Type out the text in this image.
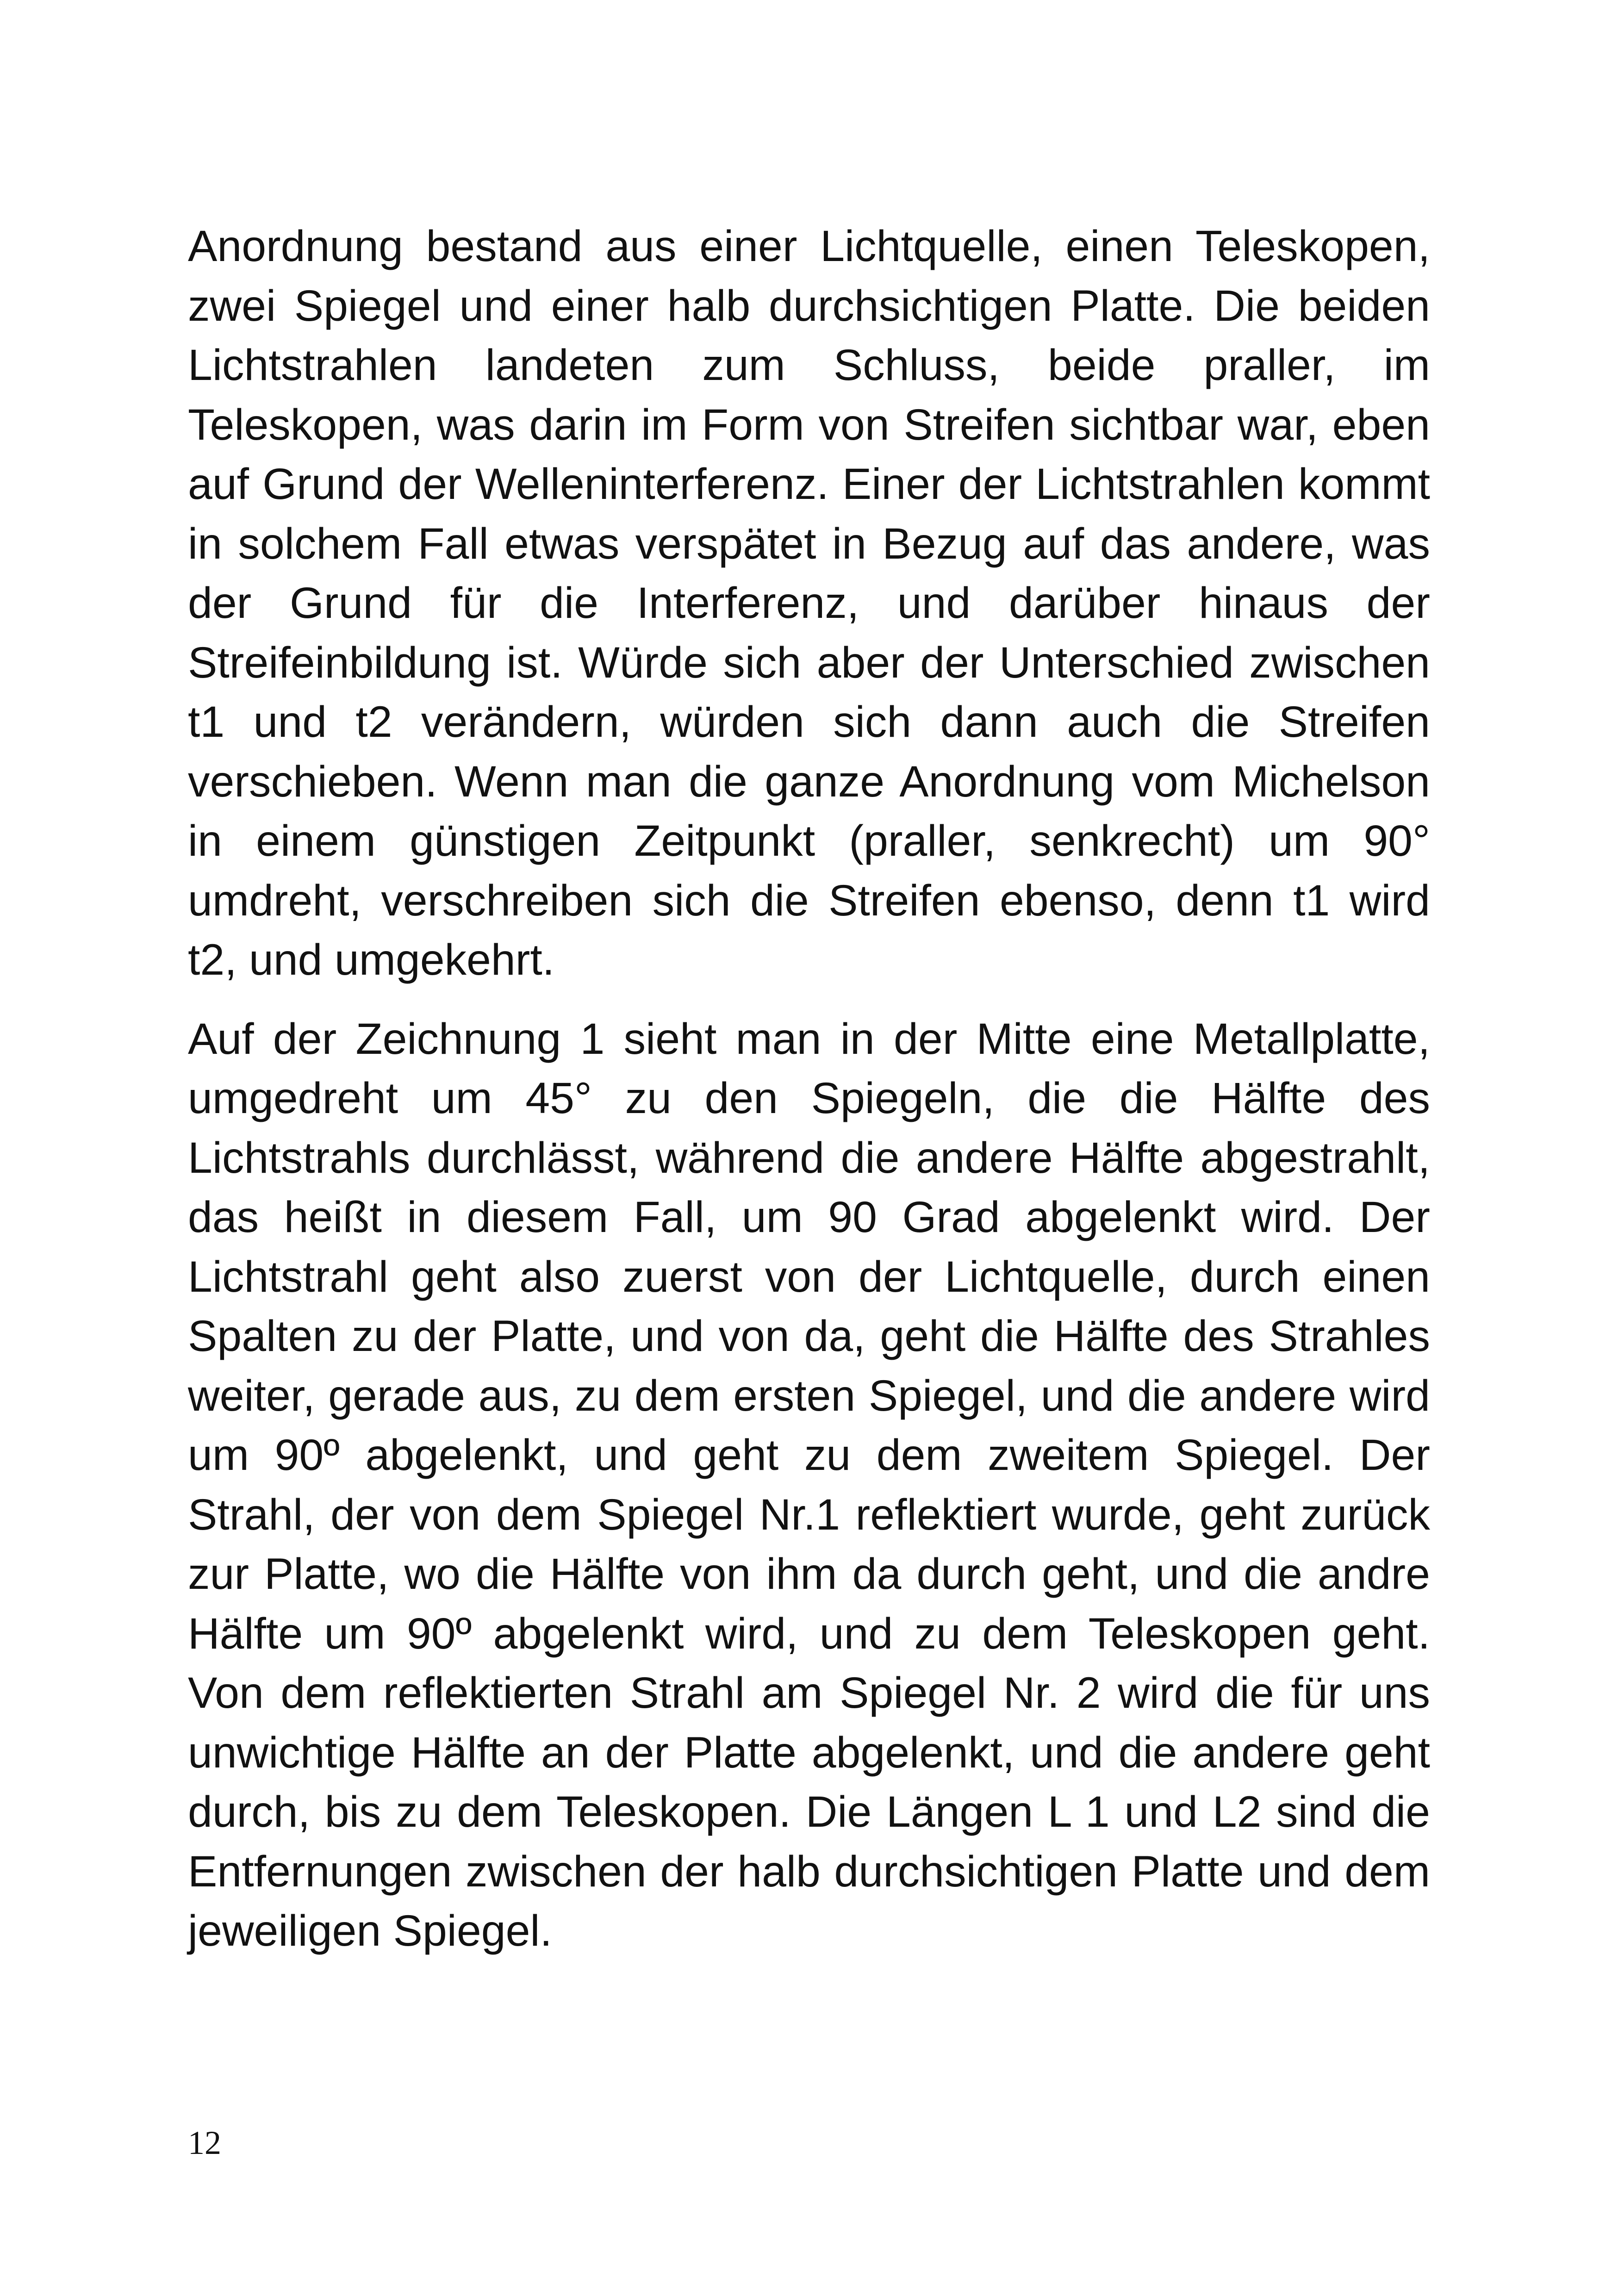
Anordnung bestand aus einer Lichtquelle, einen Teleskopen, zwei Spiegel und einer halb durchsichtigen Platte. Die beiden Lichtstrahlen landeten zum Schluss, beide praller, im Teleskopen, was darin im Form von Streifen sichtbar war, eben auf Grund der Welleninterferenz. Einer der Lichtstrahlen kommt in solchem Fall etwas verspätet in Bezug auf das andere, was der Grund für die Interferenz, und darüber hinaus der Streifeinbildung ist. Würde sich aber der Unterschied zwischen t1 und t2 verändern, würden sich dann auch die Streifen verschieben. Wenn man die ganze Anordnung vom Michelson in einem günstigen Zeitpunkt (praller, senkrecht) um 90° umdreht, verschreiben sich die Streifen ebenso, denn t1 wird t2, und umgekehrt.

Auf der Zeichnung 1 sieht man in der Mitte eine Metallplatte, umgedreht um 45° zu den Spiegeln, die die Hälfte des Lichtstrahls durchlässt, während die andere Hälfte abgestrahlt, das heißt in diesem Fall, um 90 Grad abgelenkt wird. Der Lichtstrahl geht also zuerst von der Lichtquelle, durch einen Spalten zu der Platte, und von da, geht die Hälfte des Strahles weiter, gerade aus, zu dem ersten Spiegel, und die andere wird um 90º abgelenkt, und geht zu dem zweitem Spiegel. Der Strahl, der von dem Spiegel Nr.1 reflektiert wurde, geht zurück zur Platte, wo die Hälfte von ihm da durch geht, und die andre Hälfte um 90º abgelenkt wird, und zu dem Teleskopen geht. Von dem reflektierten Strahl am Spiegel Nr. 2 wird die für uns unwichtige Hälfte an der Platte abgelenkt, und die andere geht durch, bis zu dem Teleskopen. Die Längen L 1 und L2 sind die Entfernungen zwischen der halb durchsichtigen Platte und dem jeweiligen Spiegel.

12
